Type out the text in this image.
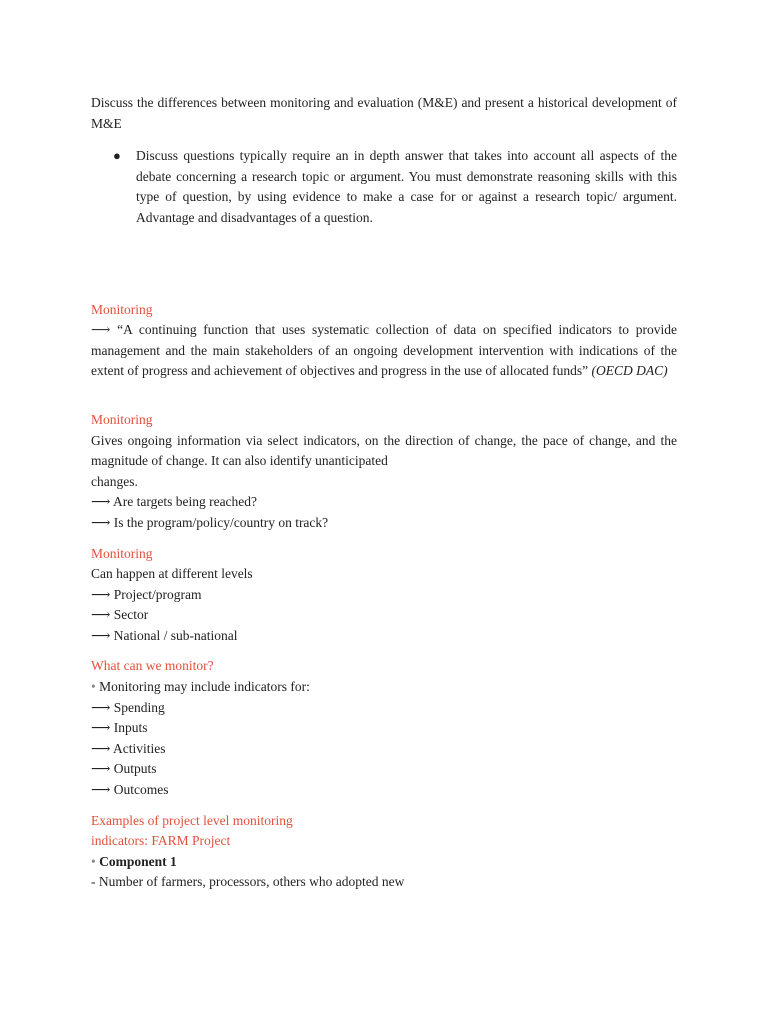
Discuss the differences between monitoring and evaluation (M&E) and present a historical development of M&E

● Discuss questions typically require an in depth answer that takes into account all aspects of the debate concerning a research topic or argument. You must demonstrate reasoning skills with this type of question, by using evidence to make a case for or against a research topic/ argument. Advantage and disadvantages of a question.

Monitoring

⟶ “A continuing function that uses systematic collection of data on specified indicators to provide management and the main stakeholders of an ongoing development intervention with indications of the extent of progress and achievement of objectives and progress in the use of allocated funds” (OECD DAC)

Monitoring

Gives ongoing information via select indicators, on the direction of change, the pace of change, and the magnitude of change. It can also identify unanticipated

changes.

⟶ Are targets being reached?

⟶ Is the program/policy/country on track?

Monitoring

Can happen at different levels

⟶ Project/program

⟶ Sector

⟶ National / sub-national

What can we monitor?

• Monitoring may include indicators for:

⟶ Spending

⟶ Inputs

⟶ Activities

⟶ Outputs

⟶ Outcomes

Examples of project level monitoring

indicators: FARM Project

• Component 1

- Number of farmers, processors, others who adopted new
